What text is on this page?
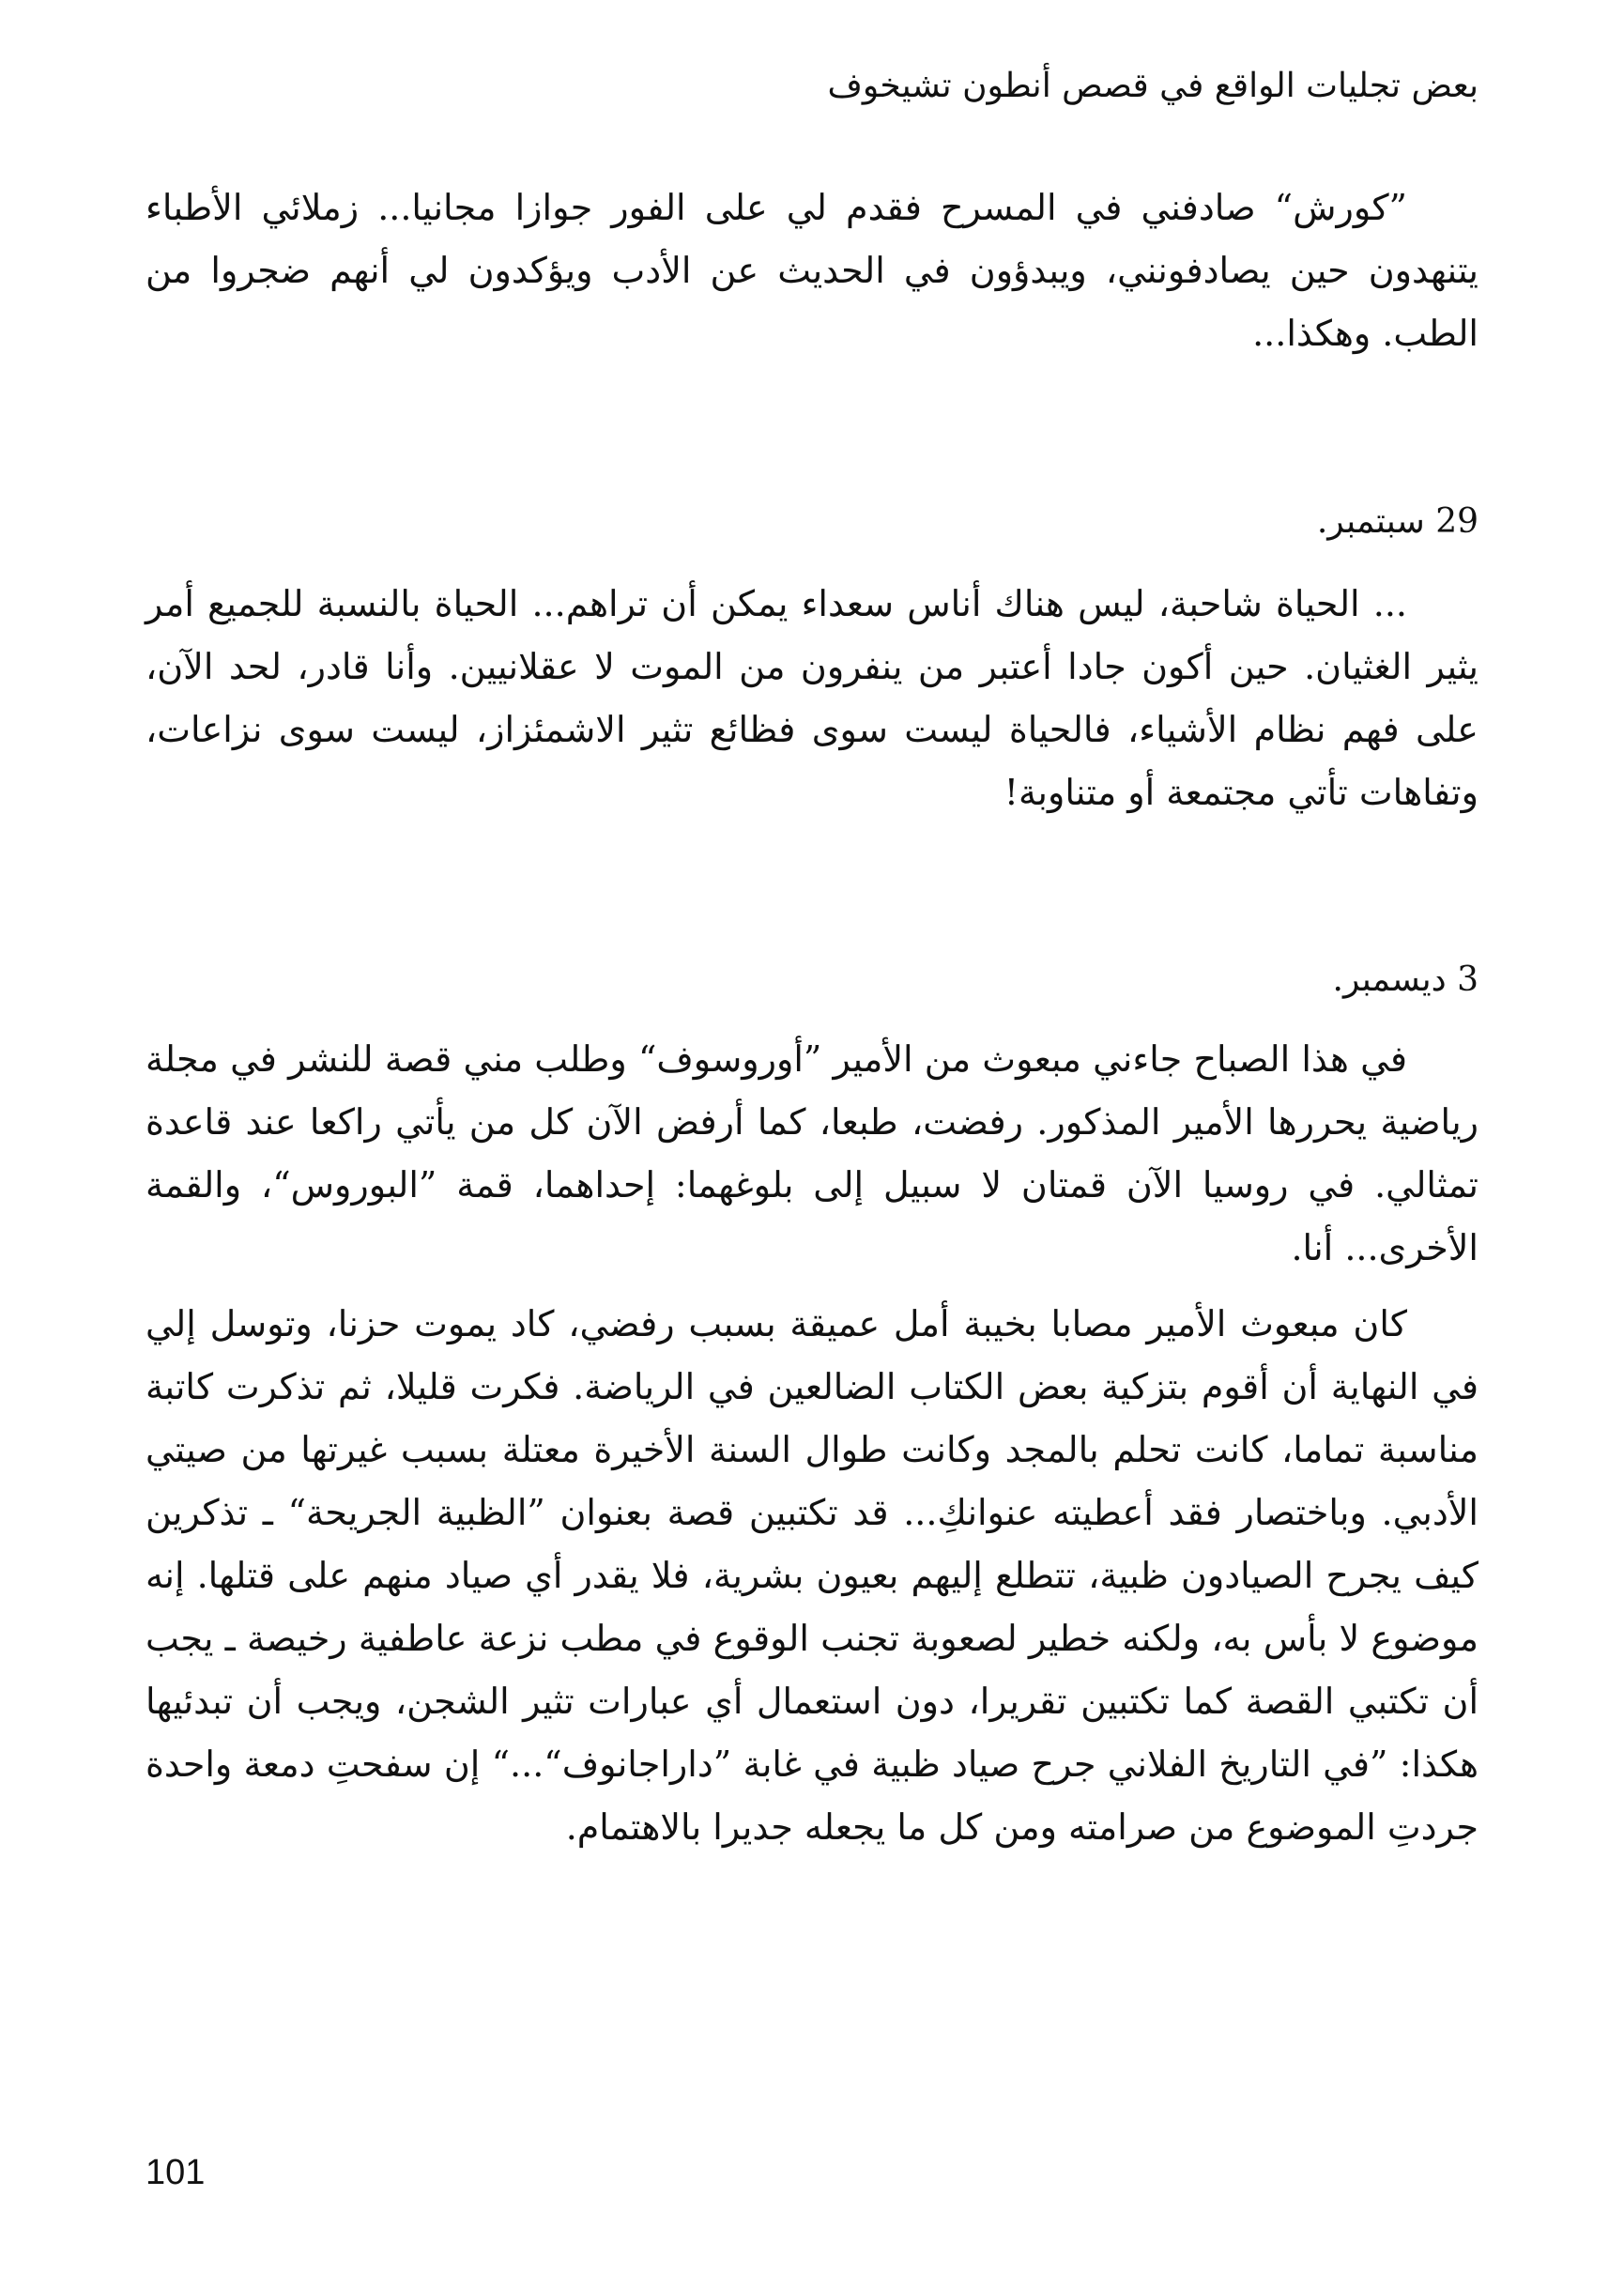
بعض تجليات الواقع في قصص أنطون تشيخوف

”كورش“ صادفني في المسرح فقدم لي على الفور جوازا مجانيا... زملائي الأطباء يتنهدون حين يصادفونني، ويبدؤون في الحديث عن الأدب ويؤكدون لي أنهم ضجروا من الطب. وهكذا...

29 سبتمبر.

... الحياة شاحبة، ليس هناك أناس سعداء يمكن أن تراهم... الحياة بالنسبة للجميع أمر يثير الغثيان. حين أكون جادا أعتبر من ينفرون من الموت لا عقلانيين. وأنا قادر، لحد الآن، على فهم نظام الأشياء، فالحياة ليست سوى فظائع تثير الاشمئزاز، ليست سوى نزاعات، وتفاهات تأتي مجتمعة أو متناوبة!

3 ديسمبر.

في هذا الصباح جاءني مبعوث من الأمير ”أوروسوف“ وطلب مني قصة للنشر في مجلة رياضية يحررها الأمير المذكور. رفضت، طبعا، كما أرفض الآن كل من يأتي راكعا عند قاعدة تمثالي. في روسيا الآن قمتان لا سبيل إلى بلوغهما: إحداهما، قمة ”البوروس“، والقمة الأخرى... أنا.

كان مبعوث الأمير مصابا بخيبة أمل عميقة بسبب رفضي، كاد يموت حزنا، وتوسل إلي في النهاية أن أقوم بتزكية بعض الكتاب الضالعين في الرياضة. فكرت قليلا، ثم تذكرت كاتبة مناسبة تماما، كانت تحلم بالمجد وكانت طوال السنة الأخيرة معتلة بسبب غيرتها من صيتي الأدبي. وباختصار فقد أعطيته عنوانكِ... قد تكتبين قصة بعنوان ”الظبية الجريحة“ ـ تذكرين كيف يجرح الصيادون ظبية، تتطلع إليهم بعيون بشرية، فلا يقدر أي صياد منهم على قتلها. إنه موضوع لا بأس به، ولكنه خطير لصعوبة تجنب الوقوع في مطب نزعة عاطفية رخيصة ـ يجب أن تكتبي القصة كما تكتبين تقريرا، دون استعمال أي عبارات تثير الشجن، ويجب أن تبدئيها هكذا: ”في التاريخ الفلاني جرح صياد ظبية في غابة ”داراجانوف“...“ إن سفحتِ دمعة واحدة جردتِ الموضوع من صرامته ومن كل ما يجعله جديرا بالاهتمام.

101
